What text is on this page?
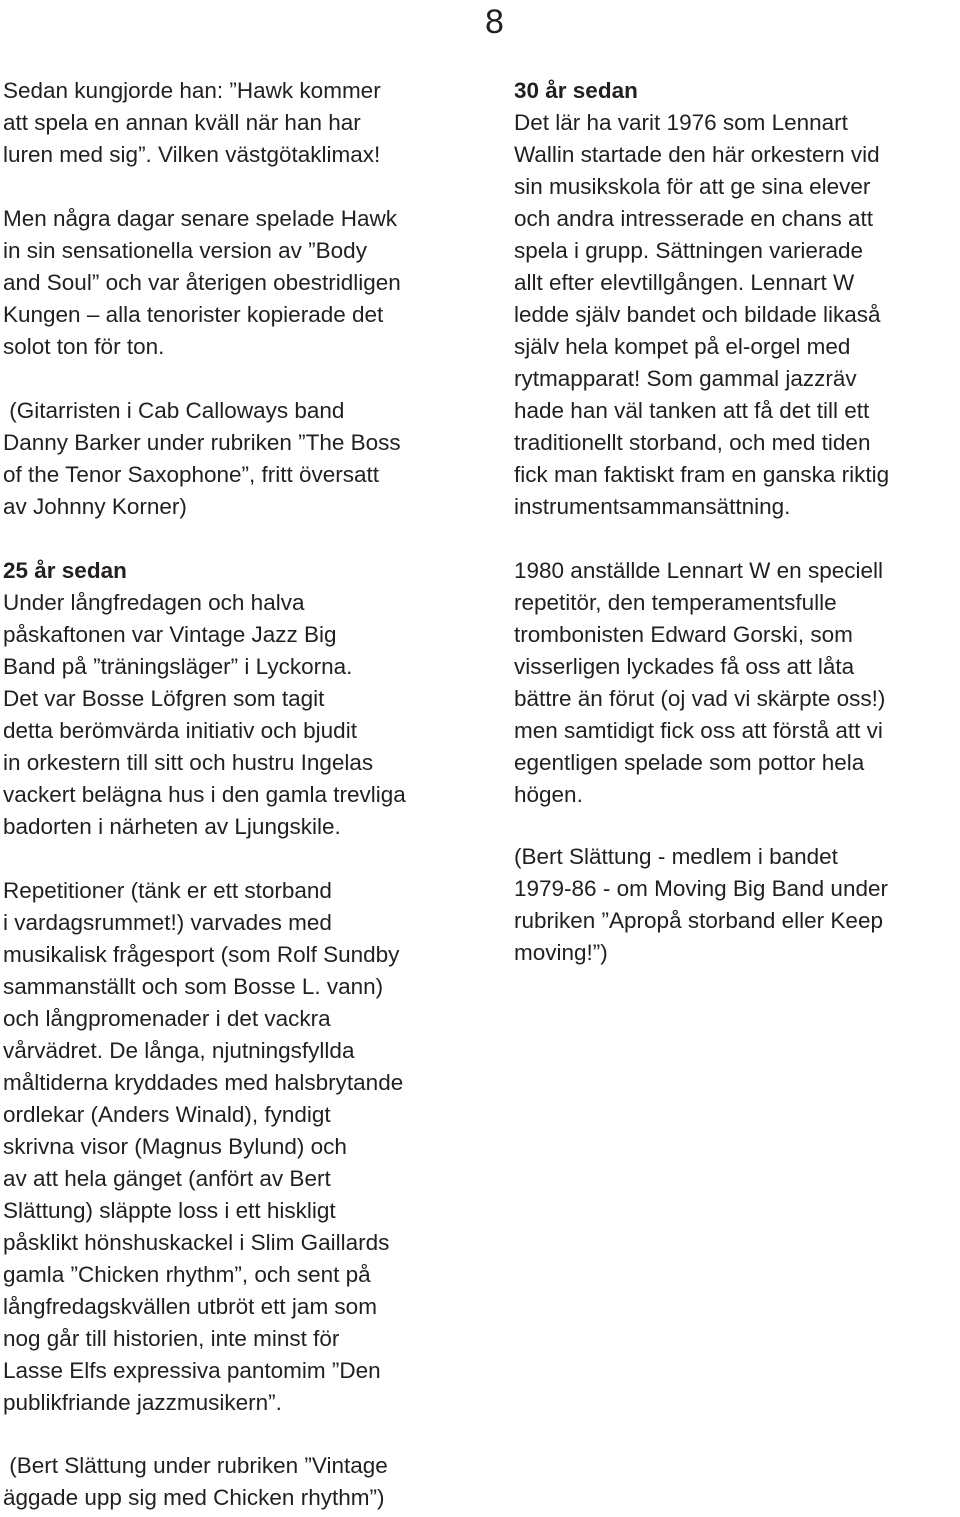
8

Sedan kungjorde han: ”Hawk kommer
att spela en annan kväll när han har
luren med sig”. Vilken västgötaklimax!

Men några dagar senare spelade Hawk
in sin sensationella version av ”Body
and Soul” och var återigen obestridligen
Kungen – alla tenorister kopierade det
solot ton för ton.

(Gitarristen i Cab Calloways band
Danny Barker under rubriken ”The Boss
of the Tenor Saxophone”, fritt översatt
av Johnny Korner)

25 år sedan

Under långfredagen och halva
påskaftonen var Vintage Jazz Big
Band på ”träningsläger” i Lyckorna.
Det var Bosse Löfgren som tagit
detta berömvärda initiativ och bjudit
in orkestern till sitt och hustru Ingelas
vackert belägna hus i den gamla trevliga
badorten i närheten av Ljungskile.

Repetitioner (tänk er ett storband
i vardagsrummet!) varvades med
musikalisk frågesport (som Rolf Sundby
sammanställt och som Bosse L. vann)
och långpromenader i det vackra
vårvädret. De långa, njutningsfyllda
måltiderna kryddades med halsbrytande
ordlekar (Anders Winald), fyndigt
skrivna visor (Magnus Bylund) och
av att hela gänget (anfört av Bert
Slättung) släppte loss i ett hiskligt
påsklikt hönshuskackel i Slim Gaillards
gamla ”Chicken rhythm”, och sent på
långfredagskvällen utbröt ett jam som
nog går till historien, inte minst för
Lasse Elfs expressiva pantomim ”Den
publikfriande jazzmusikern”.

(Bert Slättung under rubriken ”Vintage

äggade upp sig med Chicken rhythm”)

30 år sedan

Det lär ha varit 1976 som Lennart
Wallin startade den här orkestern vid
sin musikskola för att ge sina elever
och andra intresserade en chans att
spela i grupp. Sättningen varierade
allt efter elevtillgången. Lennart W
ledde själv bandet och bildade likaså
själv hela kompet på el-orgel med
rytmapparat! Som gammal jazzräv
hade han väl tanken att få det till ett
traditionellt storband, och med tiden
fick man faktiskt fram en ganska riktig
instrumentsammansättning.

1980 anställde Lennart W en speciell
repetitör, den temperamentsfulle
trombonisten Edward Gorski, som
visserligen lyckades få oss att låta
bättre än förut (oj vad vi skärpte oss!)
men samtidigt fick oss att förstå att vi
egentligen spelade som pottor hela
högen.

(Bert Slättung - medlem i bandet
1979-86 - om Moving Big Band under
rubriken ”Apropå storband eller Keep
moving!”)
